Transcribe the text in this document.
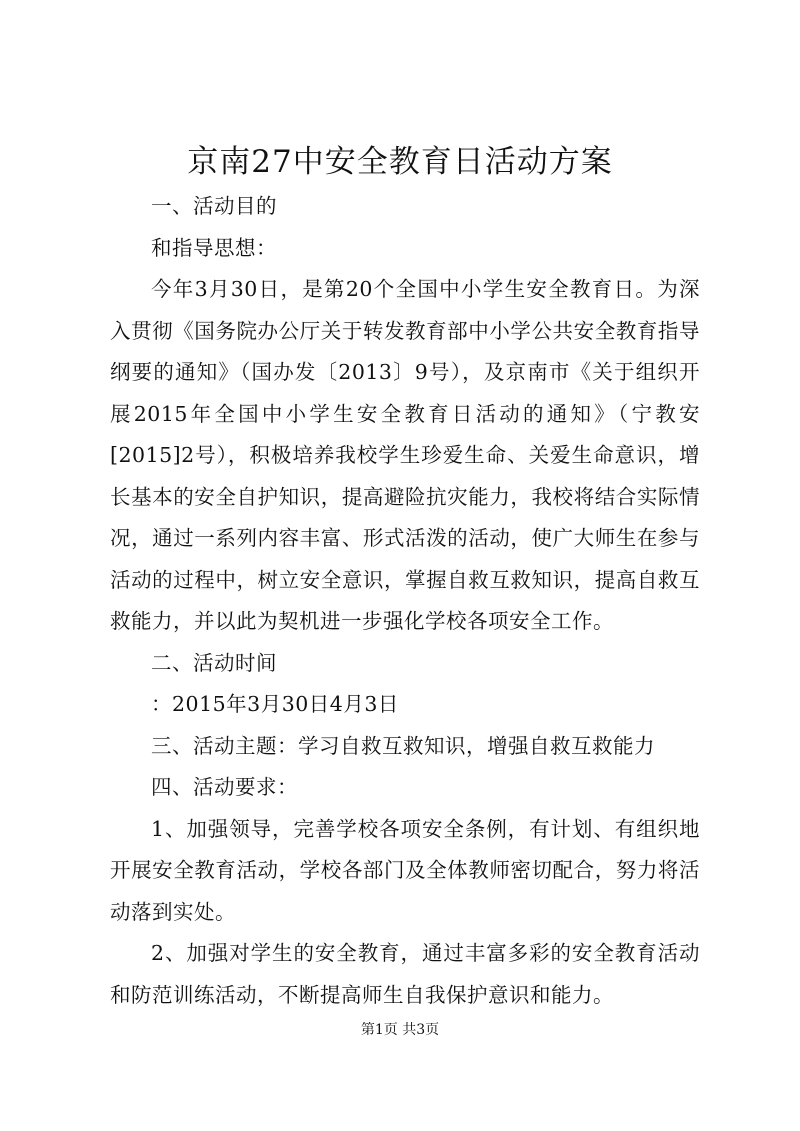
京南27中安全教育日活动方案

一、活动目的

和指导思想：

今年3月30日，是第20个全国中小学生安全教育日。为深入贯彻《国务院办公厅关于转发教育部中小学公共安全教育指导纲要的通知》（国办发〔2013〕9号），及京南市《关于组织开展2015年全国中小学生安全教育日活动的通知》（宁教安[2015]2号），积极培养我校学生珍爱生命、关爱生命意识，增长基本的安全自护知识，提高避险抗灾能力，我校将结合实际情况，通过一系列内容丰富、形式活泼的活动，使广大师生在参与活动的过程中，树立安全意识，掌握自救互救知识，提高自救互救能力，并以此为契机进一步强化学校各项安全工作。

二、活动时间

：2015年3月30日4月3日

三、活动主题：学习自救互救知识，增强自救互救能力

四、活动要求：

1、加强领导，完善学校各项安全条例，有计划、有组织地开展安全教育活动，学校各部门及全体教师密切配合，努力将活动落到实处。

2、加强对学生的安全教育，通过丰富多彩的安全教育活动和防范训练活动，不断提高师生自我保护意识和能力。

第1页 共3页
